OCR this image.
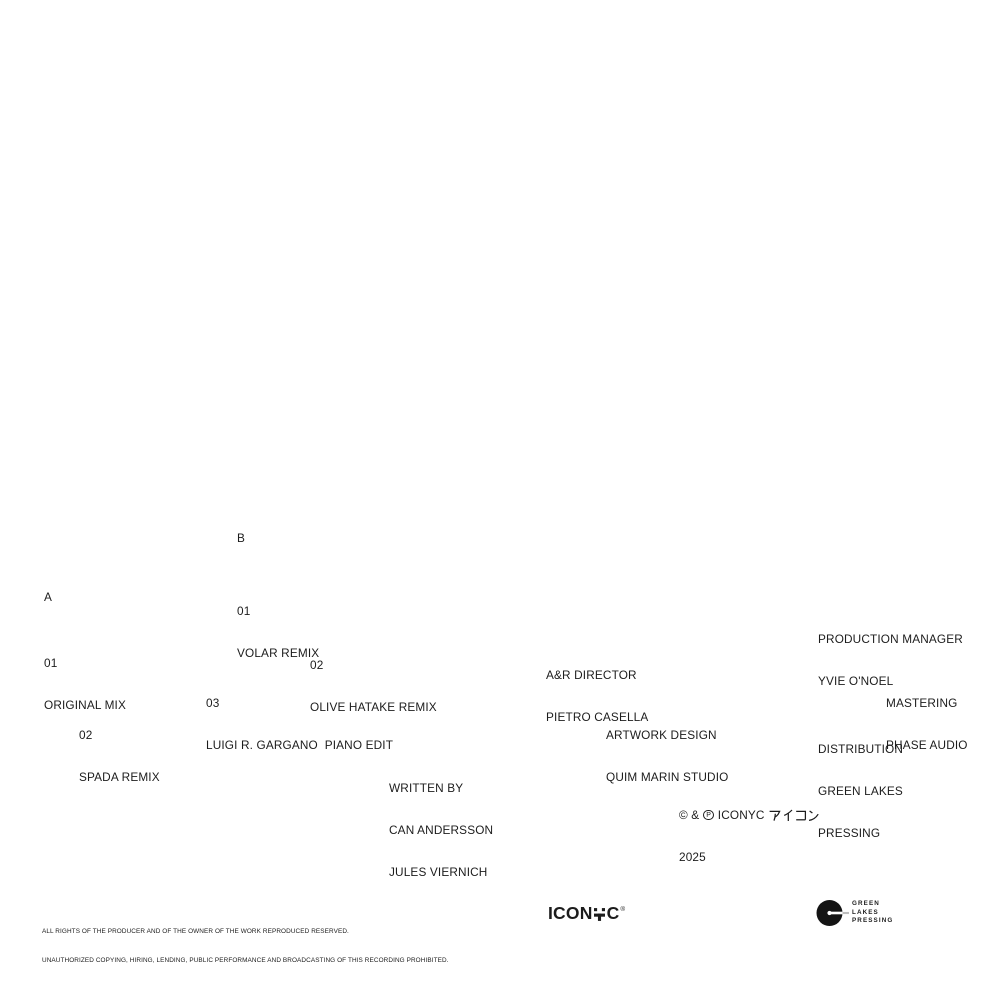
B

01

VOLAR REMIX

A

PRODUCTION MANAGER

YVIE O'NOEL

01

ORIGINAL MIX

02

OLIVE HATAKE REMIX

A&R DIRECTOR

PIETRO CASELLA

MASTERING

PHASE AUDIO

03

LUIGI R. GARGANO  PIANO EDIT

ARTWORK DESIGN

QUIM MARIN STUDIO

02

SPADA REMIX

DISTRIBUTION

GREEN LAKES

PRESSING

WRITTEN BY

CAN ANDERSSON

JULES VIERNICH

© & P ICONYC

2025

ALL RIGHTS OF THE PRODUCER AND OF THE OWNER OF THE WORK REPRODUCED RESERVED.

UNAUTHORIZED COPYING, HIRING, LENDING, PUBLIC PERFORMANCE AND BROADCASTING OF THIS RECORDING PROHIBITED.

ICON C ®
GREEN
LAKES
PRESSING
